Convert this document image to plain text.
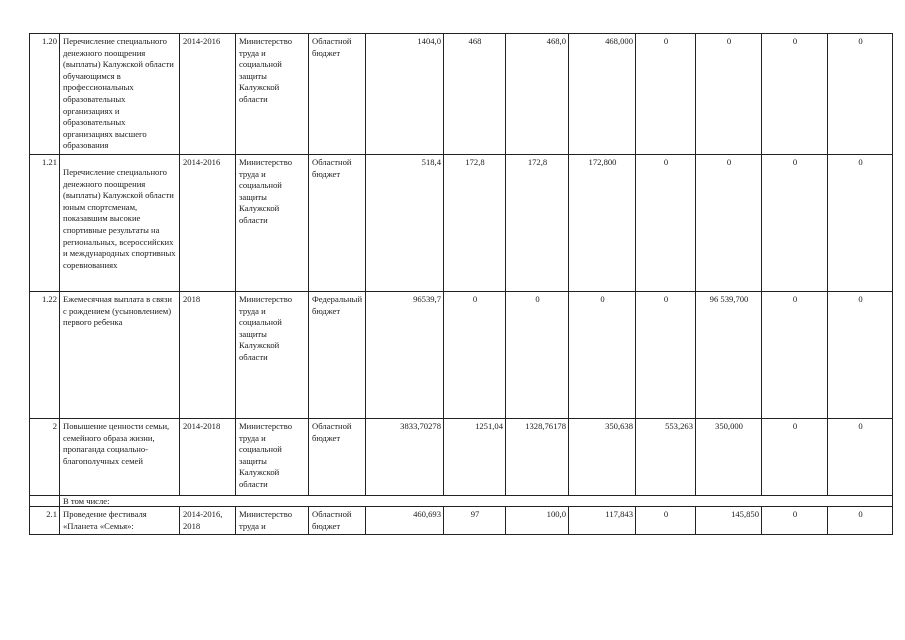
1.20	Перечисление специального денежного поощрения (выплаты) Калужской области обучающимся в профессиональных образовательных организациях и образовательных организациях высшего образования	2014-2016	Министерство труда и социальной защиты Калужской области	Областной бюджет	1404,0	468	468,0	468,000	0	0	0	0
1.21	Перечисление специального денежного поощрения (выплаты) Калужской области юным спортсменам, показавшим высокие спортивные результаты на региональных, всероссийских и международных спортивных соревнованиях	2014-2016	Министерство труда и социальной защиты Калужской области	Областной бюджет	518,4	172,8	172,8	172,800	0	0	0	0
1.22	Ежемесячная выплата в связи с рождением (усыновлением) первого ребенка	2018	Министерство труда и социальной защиты Калужской области	Федеральный бюджет	96539,7	0	0	0	0	96 539,700	0	0
2	Повышение ценности семьи, семейного образа жизни, пропаганда социально-благополучных семей	2014-2018	Министерство труда и социальной защиты Калужской области	Областной бюджет	3833,70278	1251,04	1328,76178	350,638	553,263	350,000	0	0
	В том числе:											
2.1	Проведение фестиваля «Планета «Семья»:	2014-2016, 2018	Министерство труда и	Областной бюджет	460,693	97	100,0	117,843	0	145,850	0	0
